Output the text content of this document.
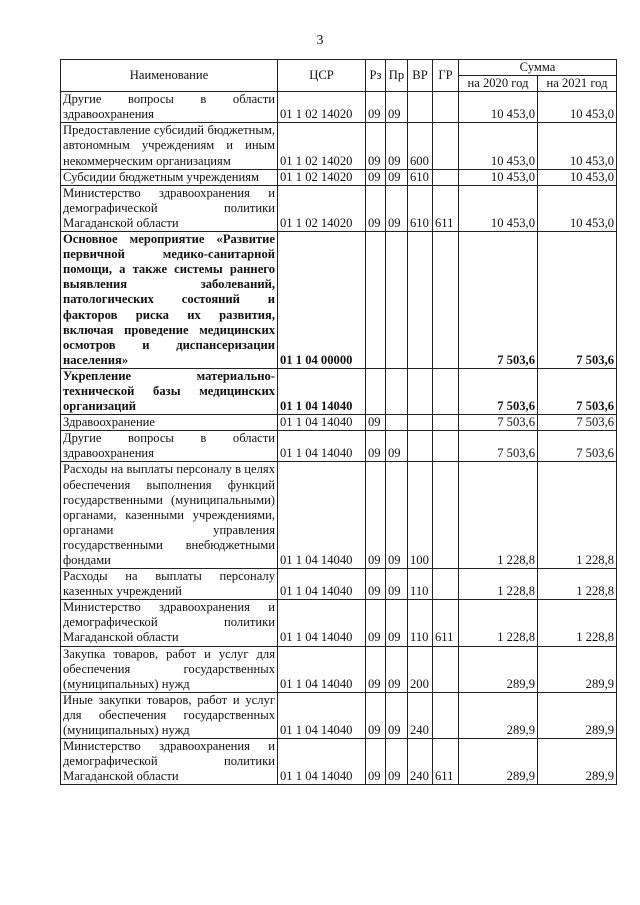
3
Наименование	ЦСР	Рз	Пр	ВР	ГР	Сумма	
						на 2020 год	на 2021 год
Другие вопросы в области здравоохранения	01 1 02 14020	09	09			10 453,0	10 453,0
Предоставление субсидий бюджетным, автономным учреждениям и иным некоммерческим организациям	01 1 02 14020	09	09	600		10 453,0	10 453,0
Субсидии бюджетным учреждениям	01 1 02 14020	09	09	610		10 453,0	10 453,0
Министерство здравоохранения и демографической политики Магаданской области	01 1 02 14020	09	09	610	611	10 453,0	10 453,0
Основное мероприятие «Развитие первичной медико-санитарной помощи, а также системы раннего выявления заболеваний, патологических состояний и факторов риска их развития, включая проведение медицинских осмотров и диспансеризации населения»	01 1 04 00000					7 503,6	7 503,6
Укрепление материально-технической базы медицинских организаций	01 1 04 14040					7 503,6	7 503,6
Здравоохранение	01 1 04 14040	09				7 503,6	7 503,6
Другие вопросы в области здравоохранения	01 1 04 14040	09	09			7 503,6	7 503,6
Расходы на выплаты персоналу в целях обеспечения выполнения функций государственными (муниципальными) органами, казенными учреждениями, органами управления государственными внебюджетными фондами	01 1 04 14040	09	09	100		1 228,8	1 228,8
Расходы на выплаты персоналу казенных учреждений	01 1 04 14040	09	09	110		1 228,8	1 228,8
Министерство здравоохранения и демографической политики Магаданской области	01 1 04 14040	09	09	110	611	1 228,8	1 228,8
Закупка товаров, работ и услуг для обеспечения государственных (муниципальных) нужд	01 1 04 14040	09	09	200		289,9	289,9
Иные закупки товаров, работ и услуг для обеспечения государственных (муниципальных) нужд	01 1 04 14040	09	09	240		289,9	289,9
Министерство здравоохранения и демографической политики Магаданской области	01 1 04 14040	09	09	240	611	289,9	289,9
